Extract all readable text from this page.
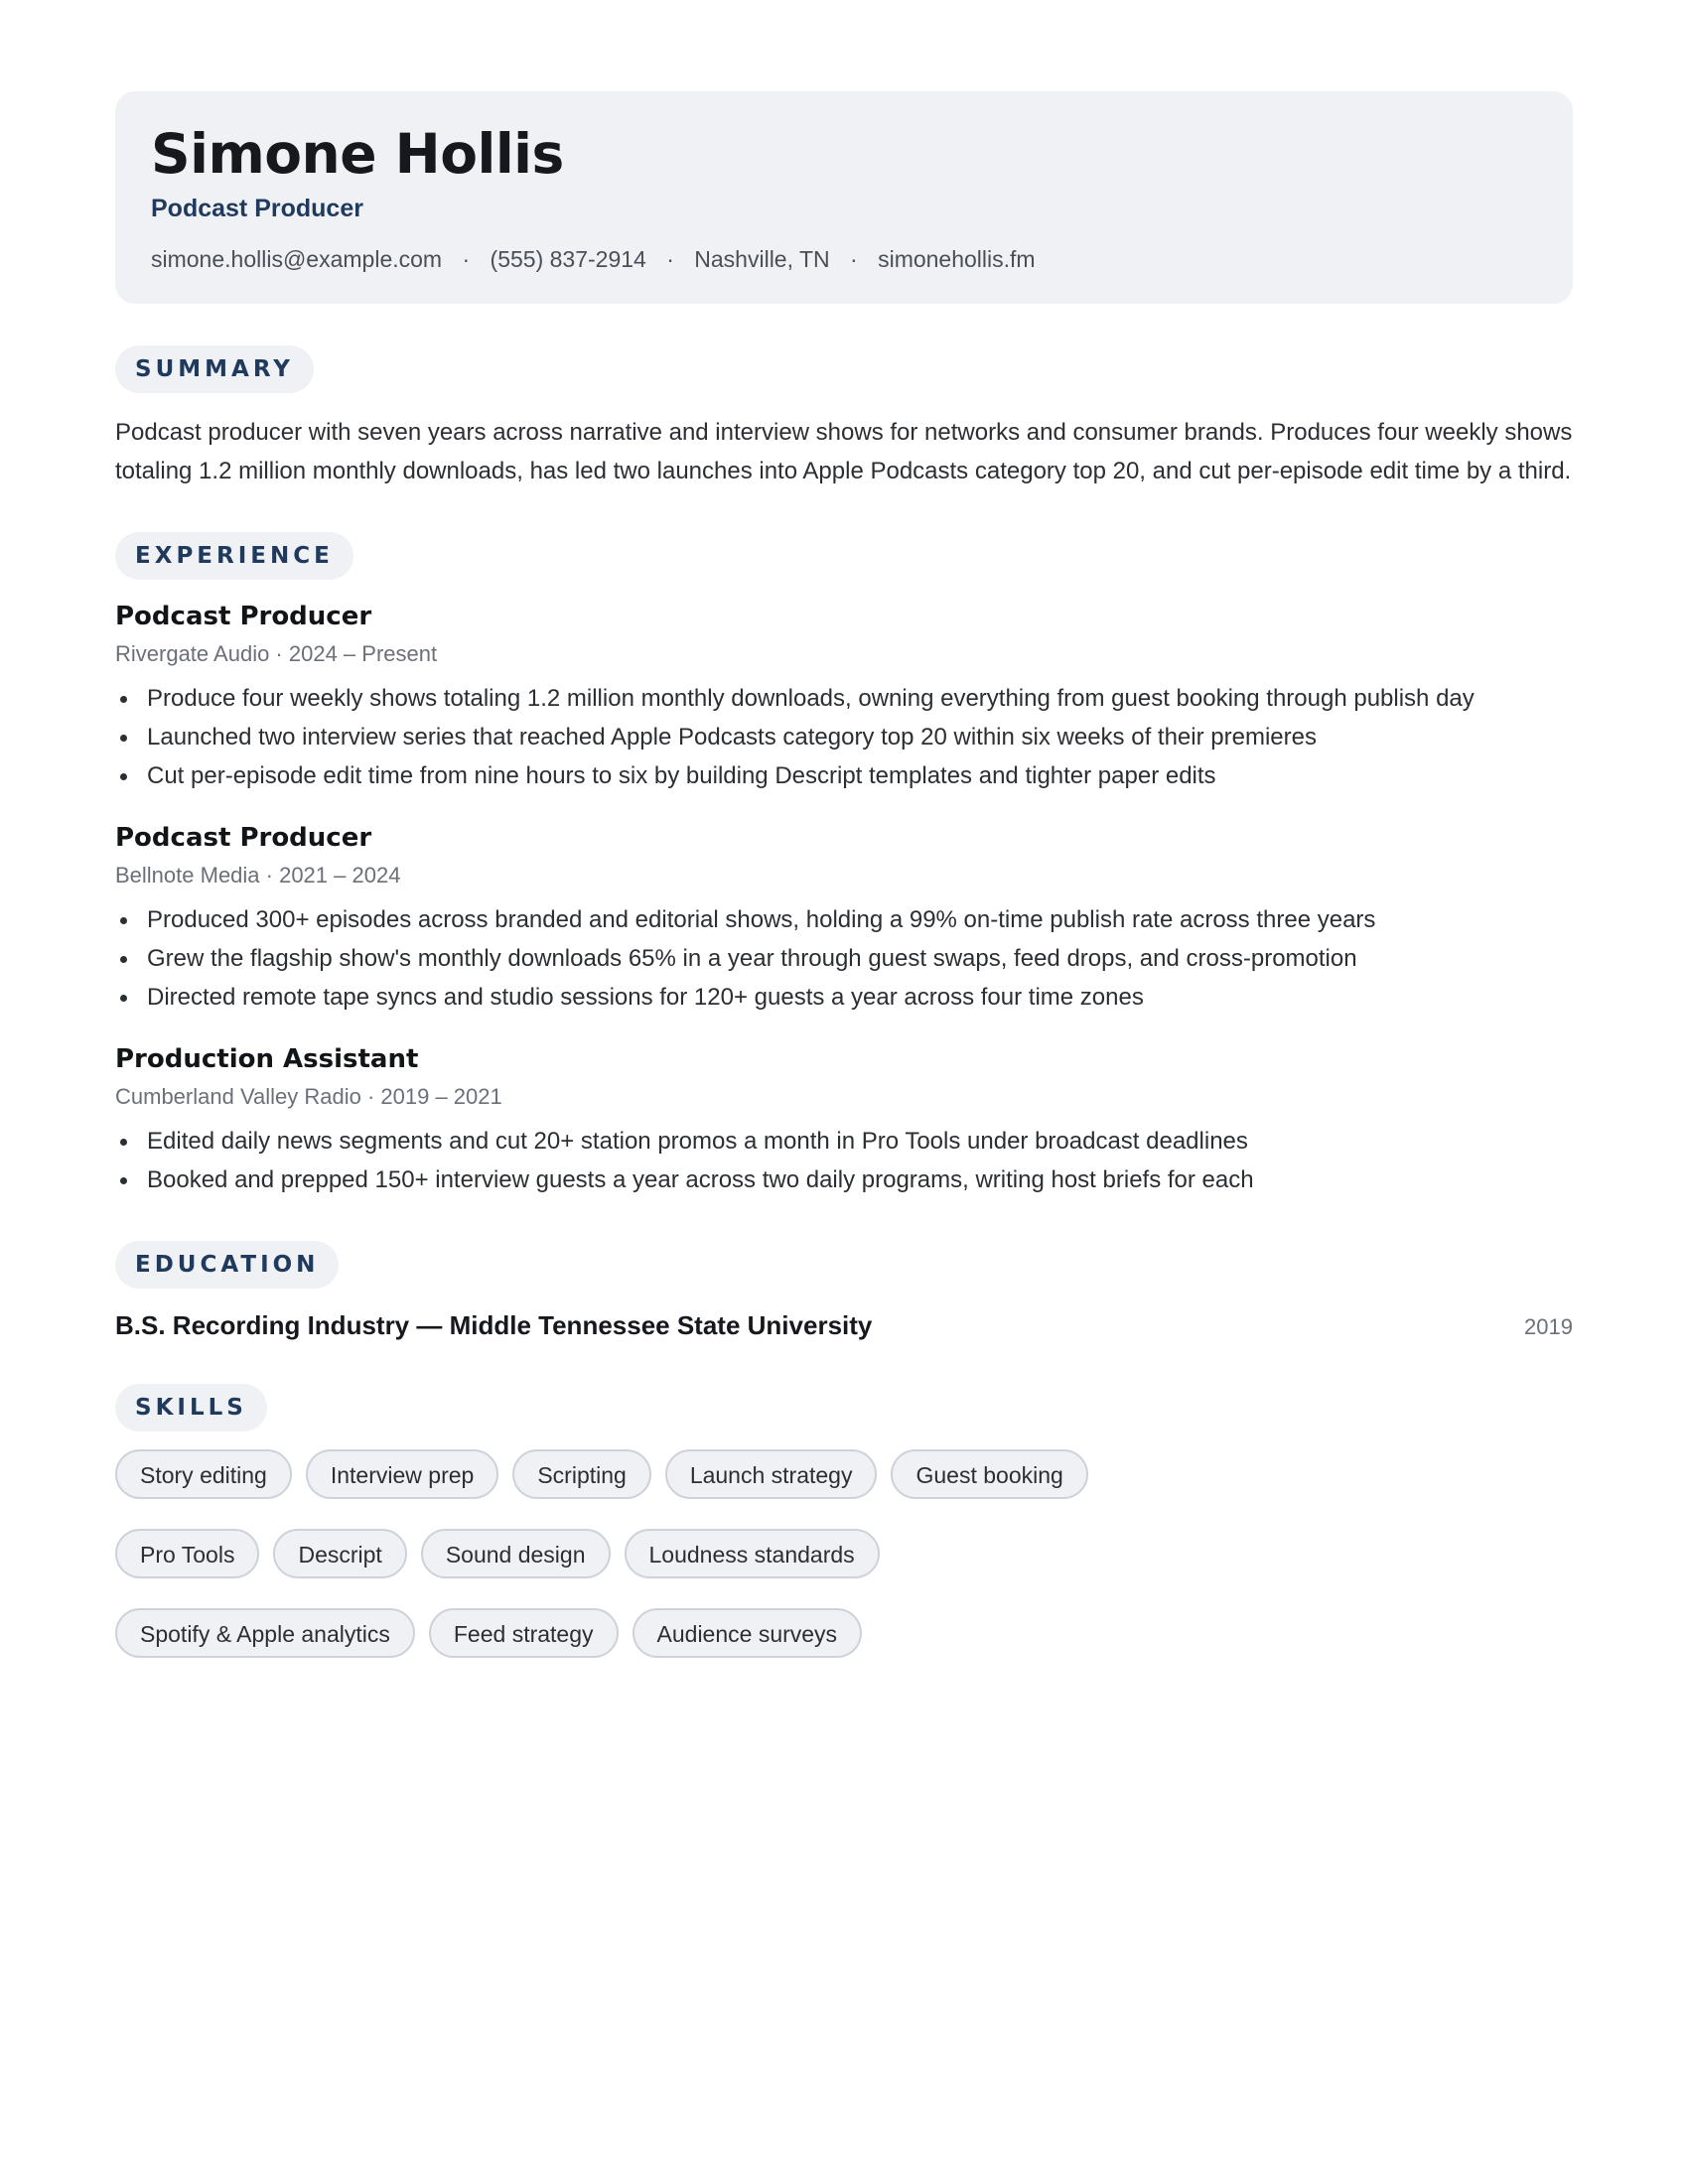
Simone Hollis
Podcast Producer
simone.hollis@example.com · (555) 837-2914 · Nashville, TN · simonehollis.fm
SUMMARY

Podcast producer with seven years across narrative and interview shows for networks and consumer brands. Produces four weekly shows totaling 1.2 million monthly downloads, has led two launches into Apple Podcasts category top 20, and cut per-episode edit time by a third.

EXPERIENCE
Podcast Producer
Rivergate Audio · 2024 – Present
Produce four weekly shows totaling 1.2 million monthly downloads, owning everything from guest booking through publish day
Launched two interview series that reached Apple Podcasts category top 20 within six weeks of their premieres
Cut per-episode edit time from nine hours to six by building Descript templates and tighter paper edits
Podcast Producer
Bellnote Media · 2021 – 2024
Produced 300+ episodes across branded and editorial shows, holding a 99% on-time publish rate across three years
Grew the flagship show's monthly downloads 65% in a year through guest swaps, feed drops, and cross-promotion
Directed remote tape syncs and studio sessions for 120+ guests a year across four time zones
Production Assistant
Cumberland Valley Radio · 2019 – 2021
Edited daily news segments and cut 20+ station promos a month in Pro Tools under broadcast deadlines
Booked and prepped 150+ interview guests a year across two daily programs, writing host briefs for each
EDUCATION
B.S. Recording Industry — Middle Tennessee State University	2019
SKILLS
Story editing	Interview prep	Scripting	Launch strategy	Guest booking
Pro Tools	Descript	Sound design	Loudness standards
Spotify & Apple analytics	Feed strategy	Audience surveys
